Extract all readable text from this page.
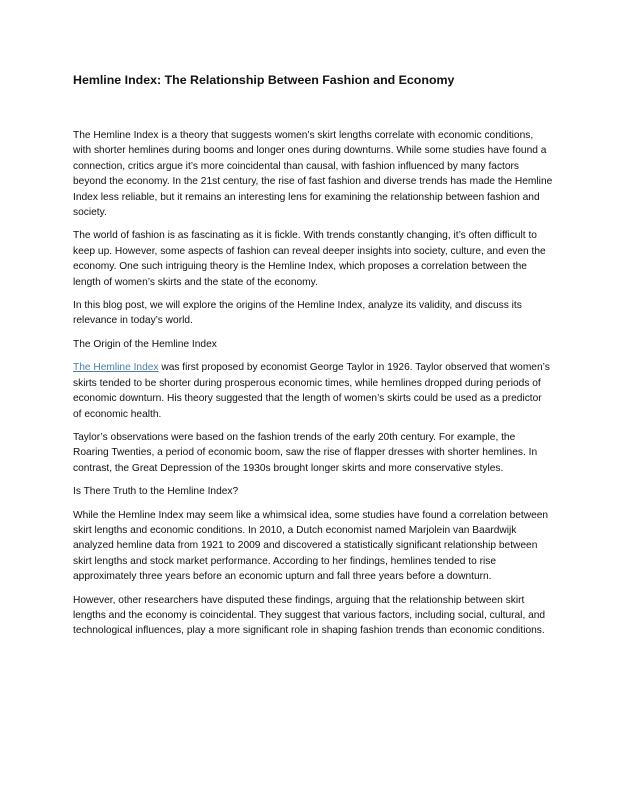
Hemline Index: The Relationship Between Fashion and Economy

The Hemline Index is a theory that suggests women’s skirt lengths correlate with economic conditions, with shorter hemlines during booms and longer ones during downturns. While some studies have found a connection, critics argue it’s more coincidental than causal, with fashion influenced by many factors beyond the economy. In the 21st century, the rise of fast fashion and diverse trends has made the Hemline Index less reliable, but it remains an interesting lens for examining the relationship between fashion and society.

The world of fashion is as fascinating as it is fickle. With trends constantly changing, it’s often difficult to keep up. However, some aspects of fashion can reveal deeper insights into society, culture, and even the economy. One such intriguing theory is the Hemline Index, which proposes a correlation between the length of women’s skirts and the state of the economy.

In this blog post, we will explore the origins of the Hemline Index, analyze its validity, and discuss its relevance in today’s world.

The Origin of the Hemline Index

The Hemline Index was first proposed by economist George Taylor in 1926. Taylor observed that women’s skirts tended to be shorter during prosperous economic times, while hemlines dropped during periods of economic downturn. His theory suggested that the length of women’s skirts could be used as a predictor of economic health.

Taylor’s observations were based on the fashion trends of the early 20th century. For example, the Roaring Twenties, a period of economic boom, saw the rise of flapper dresses with shorter hemlines. In contrast, the Great Depression of the 1930s brought longer skirts and more conservative styles.

Is There Truth to the Hemline Index?

While the Hemline Index may seem like a whimsical idea, some studies have found a correlation between skirt lengths and economic conditions. In 2010, a Dutch economist named Marjolein van Baardwijk analyzed hemline data from 1921 to 2009 and discovered a statistically significant relationship between skirt lengths and stock market performance. According to her findings, hemlines tended to rise approximately three years before an economic upturn and fall three years before a downturn.

However, other researchers have disputed these findings, arguing that the relationship between skirt lengths and the economy is coincidental. They suggest that various factors, including social, cultural, and technological influences, play a more significant role in shaping fashion trends than economic conditions.
